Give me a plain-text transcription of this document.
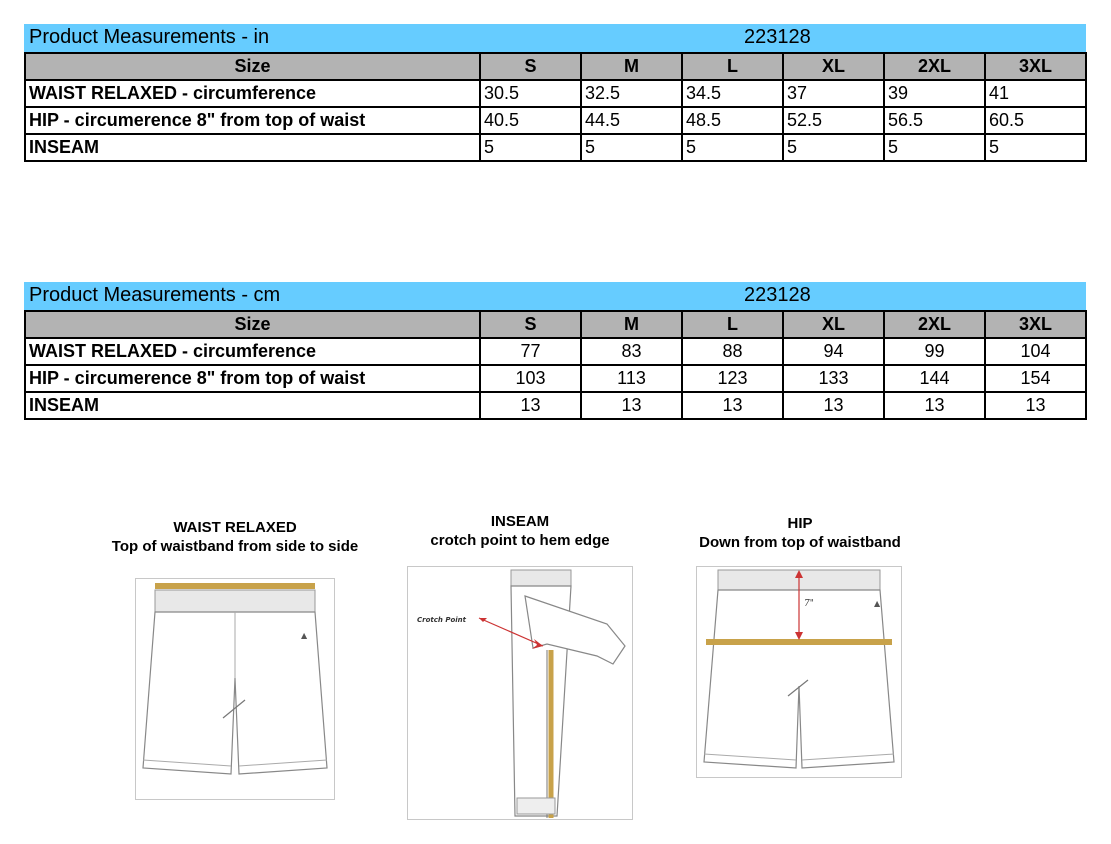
Product Measurements - in	223128
Size	S	M	L	XL	2XL	3XL
WAIST RELAXED - circumference	30.5	32.5	34.5	37	39	41
HIP - circumerence 8" from top of waist	40.5	44.5	48.5	52.5	56.5	60.5
INSEAM	5	5	5	5	5	5
Product Measurements - cm	223128
Size	S	M	L	XL	2XL	3XL
WAIST RELAXED - circumference	77	83	88	94	99	104
HIP - circumerence 8" from top of waist	103	113	123	133	144	154
INSEAM	13	13	13	13	13	13
WAIST RELAXED
Top of waistband from side to side
▲
INSEAM
crotch point to hem edge
Crotch Point
HIP
Down from top of waistband
7"	▲
